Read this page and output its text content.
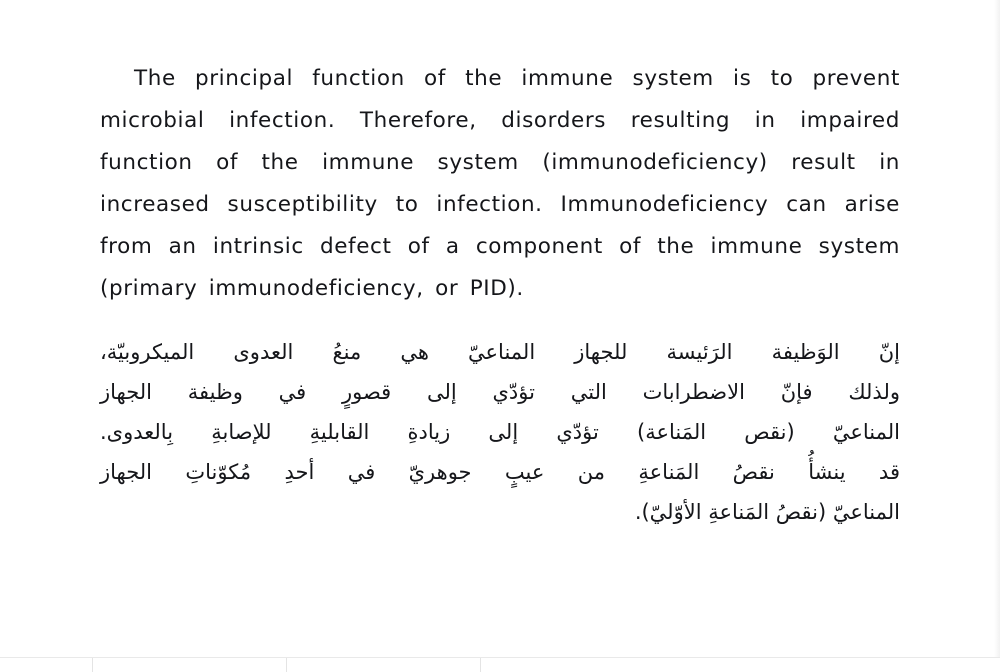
The principal function of the immune system is to prevent microbial infection. Therefore, disorders resulting in impaired function of the immune system (immunodeficiency) result in increased susceptibility to infection. Immunodeficiency can arise from an intrinsic defect of a component of the immune system (primary immunodeficiency, or PID).

إنّ الوَظيفة الرَئيسة للجهاز المناعيّ هي منعُ العدوى الميكروبيّة،
ولذلك فإنّ الاضطرابات التي تؤدّي إلى قصورٍ في وظيفة الجهاز
المناعيّ (نقص المَناعة) تؤدّي إلى زيادةِ القابليةِ للإصابةِ بِالعدوى.
قد ينشأُ نقصُ المَناعةِ من عيبٍ جوهريّ في أحدِ مُكوّناتِ الجهاز
المناعيّ (نقصُ المَناعةِ الأوّليّ).
